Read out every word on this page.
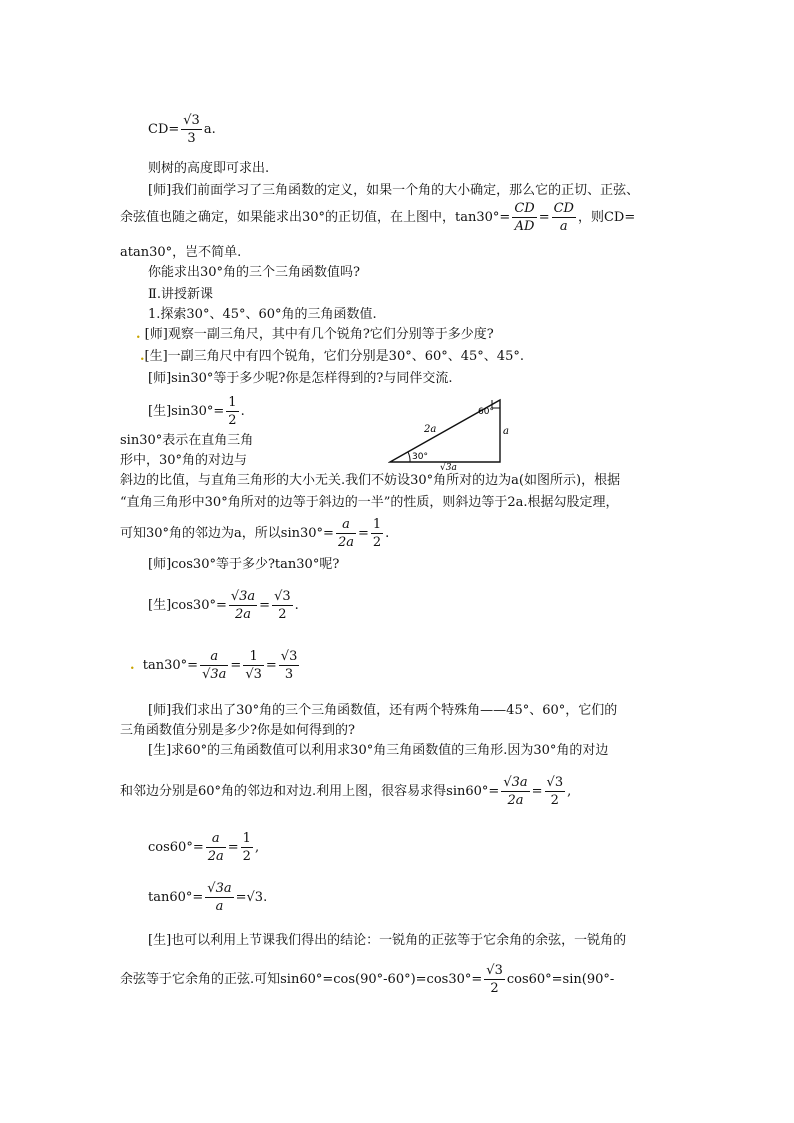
$CD= \frac{√3}{3} a$.
则树的高度即可求出.
[师]我们前面学习了三角函数的定义，如果一个角的大小确定，那么它的正切、正弦、
余弦值也随之确定，如果能求出30°的正切值，在上图中，$\tan 30^\circ= \frac{CD}{AD} = \frac{CD}{a}$ ，则CD=
atan30°，岂不简单.
你能求出30°角的三个三角函数值吗?
Ⅱ.讲授新课
1.探索30°、45°、60°角的三角函数值.
. [师]观察一副三角尺，其中有几个锐角?它们分别等于多少度?
.[生]一副三角尺中有四个锐角，它们分别是30°、60°、45°、45°.
[师]sin30°等于多少呢?你是怎样得到的?与同伴交流.
[生]$\sin 30^\circ= \frac{1}{2}$ .
30°
60°
2a	a
√3a
sin30°表示在直角三角
形中，30°角的对边与
斜边的比值，与直角三角形的大小无关.我们不妨设30°角所对的边为a(如图所示)，根据
“直角三角形中30°角所对的边等于斜边的一半”的性质，则斜边等于2a.根据勾股定理，
可知30°角的邻边为a，所以$\sin 30^\circ= \frac{a}{2a} = \frac{1}{2}$ .
[师]cos30°等于多少?tan30°呢?
[生]$\cos 30^\circ= \frac{√3a}{2a} = \frac{√3}{2}$ .
. $\tan 30^\circ= \frac{a}{√3a} = \frac{1}{√3} = \frac{√3}{3}$
[师]我们求出了30°角的三个三角函数值，还有两个特殊角——45°、60°，它们的
三角函数值分别是多少?你是如何得到的?
[生]求60°的三角函数值可以利用求30°角三角函数值的三角形.因为30°角的对边
和邻边分别是60°角的邻边和对边.利用上图，很容易求得$\sin 60^\circ= \frac{√3a}{2a} = \frac{√3}{2}$ ,
$\cos 60^\circ= \frac{a}{2a} = \frac{1}{2}$ ,
$\tan 60^\circ= \frac{√3a}{a} =√3$.
[生]也可以利用上节课我们得出的结论：一锐角的正弦等于它余角的余弦，一锐角的
余弦等于它余角的正弦.可知$\sin 60^\circ=\cos(90^\circ-60^\circ)=\cos 30^\circ= \frac{√3}{2} \cos 60^\circ=\sin(90^\circ-$
